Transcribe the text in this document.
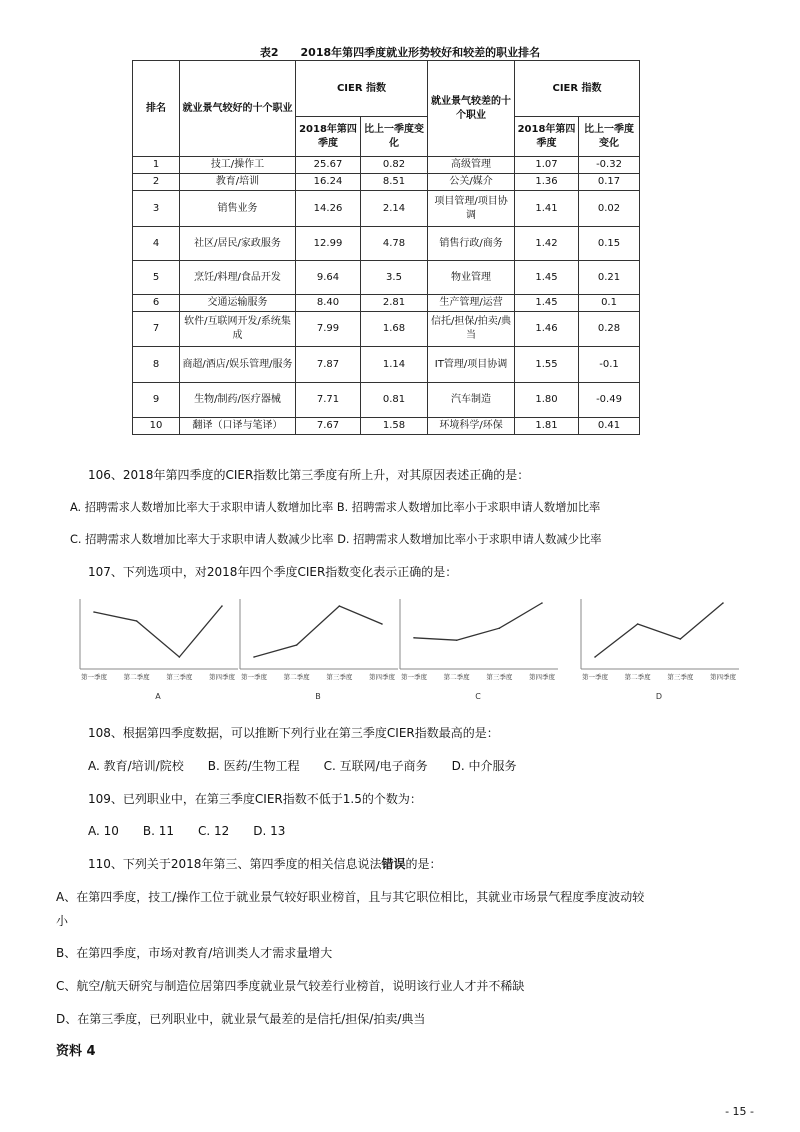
表2　　2018年第四季度就业形势较好和较差的职业排名
排名	就业景气较好的十个职业	CIER 指数		就业景气较差的十个职业	CIER 指数	
		2018年第四季度	比上一季度变化		2018年第四季度	比上一季度变化
1	技工/操作工	25.67	0.82	高级管理	1.07	-0.32
2	教育/培训	16.24	8.51	公关/媒介	1.36	0.17
3	销售业务	14.26	2.14	项目管理/项目协调	1.41	0.02
4	社区/居民/家政服务	12.99	4.78	销售行政/商务	1.42	0.15
5	烹饪/料理/食品开发	9.64	3.5	物业管理	1.45	0.21
6	交通运输服务	8.40	2.81	生产管理/运营	1.45	0.1
7	软件/互联网开发/系统集成	7.99	1.68	信托/担保/拍卖/典当	1.46	0.28
8	商超/酒店/娱乐管理/服务	7.87	1.14	IT管理/项目协调	1.55	-0.1
9	生物/制药/医疗器械	7.71	0.81	汽车制造	1.80	-0.49
10	翻译（口译与笔译）	7.67	1.58	环境科学/环保	1.81	0.41
106、2018年第四季度的CIER指数比第三季度有所上升，对其原因表述正确的是：
A. 招聘需求人数增加比率大于求职申请人数增加比率 B. 招聘需求人数增加比率小于求职申请人数增加比率
C. 招聘需求人数增加比率大于求职申请人数减少比率 D. 招聘需求人数增加比率小于求职申请人数减少比率
107、下列选项中，对2018年四个季度CIER指数变化表示正确的是：
第一季度	第二季度	第三季度	第四季度
A
第一季度	第二季度	第三季度	第四季度
B
第一季度	第二季度	第三季度	第四季度
C
第一季度	第二季度	第三季度	第四季度
D
108、根据第四季度数据，可以推断下列行业在第三季度CIER指数最高的是：
A. 教育/培训/院校　　B. 医药/生物工程　　C. 互联网/电子商务　　D. 中介服务
109、已列职业中，在第三季度CIER指数不低于1.5的个数为：
A. 10　　B. 11　　C. 12　　D. 13
110、下列关于2018年第三、第四季度的相关信息说法错误的是：
A、在第四季度，技工/操作工位于就业景气较好职业榜首，且与其它职位相比，其就业市场景气程度季度波动较
小
B、在第四季度，市场对教育/培训类人才需求量增大
C、航空/航天研究与制造位居第四季度就业景气较差行业榜首，说明该行业人才并不稀缺
D、在第三季度，已列职业中，就业景气最差的是信托/担保/拍卖/典当
资料 4
- 15 -
